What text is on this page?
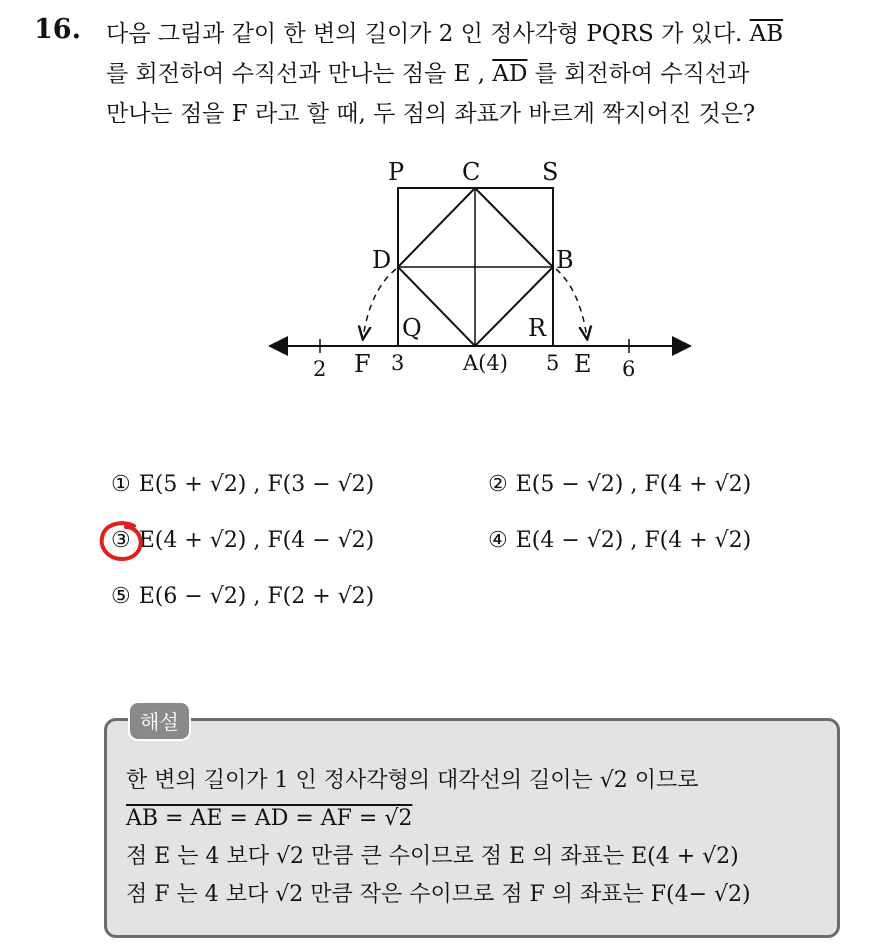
16. 다음 그림과 같이 한 변의 길이가 2 인 정사각형 PQRS 가 있다. $\overline{AB}$
를 회전하여 수직선과 만나는 점을 E , $\overline{AD}$ 를 회전하여 수직선과
만나는 점을 F 라고 할 때, 두 점의 좌표가 바르게 짝지어진 것은?
P C	S
D	B
Q	R
F	E
2	3	A(4) 5	6
① E(5 + √2) , F(3 − √2)	② E(5 − √2) , F(4 + √2)
③ E(4 + √2) , F(4 − √2)	④ E(4 − √2) , F(4 + √2)
⑤ E(6 − √2) , F(2 + √2)
해설
한 변의 길이가 1 인 정사각형의 대각선의 길이는 √2 이므로
AB = AE = AD = AF = √2
점 E 는 4 보다 √2 만큼 큰 수이므로 점 E 의 좌표는 E(4 + √2)
점 F 는 4 보다 √2 만큼 작은 수이므로 점 F 의 좌표는 F(4− √2)
